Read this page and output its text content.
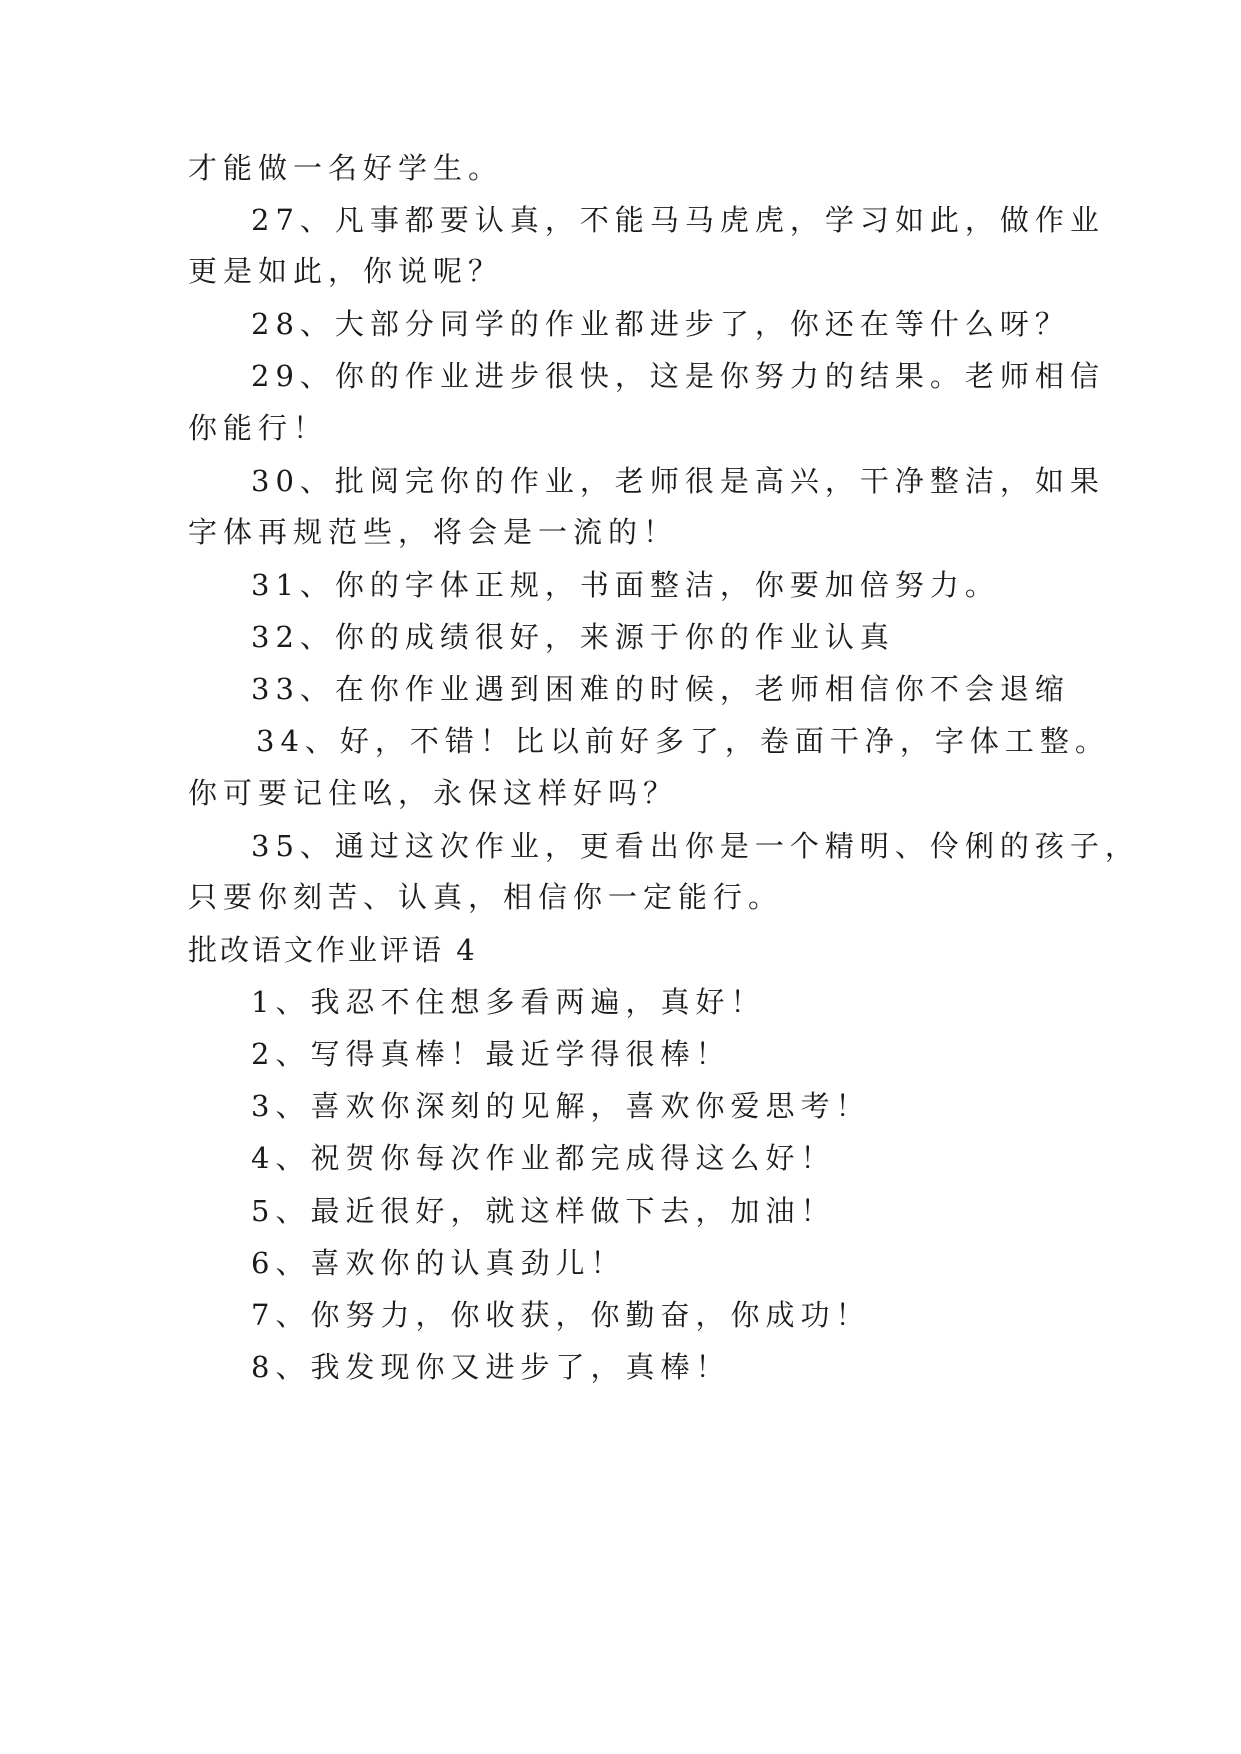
才能做一名好学生。
27、凡事都要认真，不能马马虎虎，学习如此，做作业
更是如此，你说呢？
28、大部分同学的作业都进步了，你还在等什么呀？
29、你的作业进步很快，这是你努力的结果。老师相信
你能行！
30、批阅完你的作业，老师很是高兴，干净整洁，如果
字体再规范些，将会是一流的！
31、你的字体正规，书面整洁，你要加倍努力。
32、你的成绩很好，来源于你的作业认真
33、在你作业遇到困难的时候，老师相信你不会退缩
34、好，不错！比以前好多了，卷面干净，字体工整。
你可要记住吆，永保这样好吗？
35、通过这次作业，更看出你是一个精明、伶俐的孩子，
只要你刻苦、认真，相信你一定能行。
批改语文作业评语 4
1、我忍不住想多看两遍，真好！
2、写得真棒！最近学得很棒！
3、喜欢你深刻的见解，喜欢你爱思考！
4、祝贺你每次作业都完成得这么好！
5、最近很好，就这样做下去，加油！
6、喜欢你的认真劲儿！
7、你努力，你收获，你勤奋，你成功！
8、我发现你又进步了，真棒！
